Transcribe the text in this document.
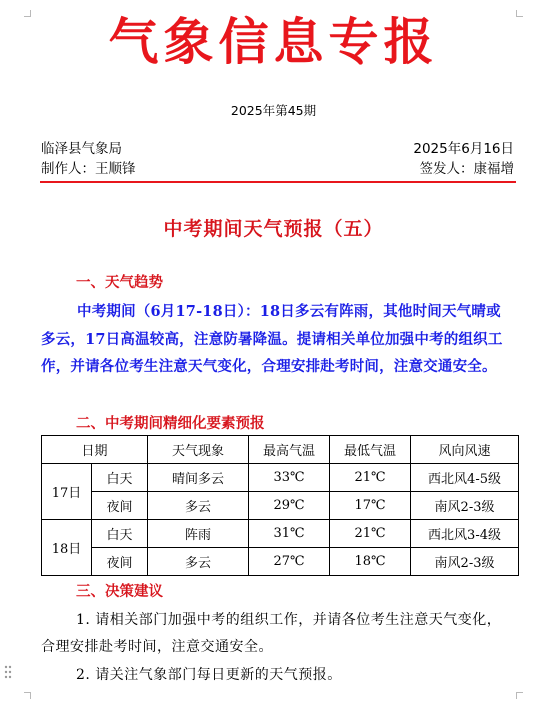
气象信息专报
2025年第45期
临泽县气象局	2025年6月16日
制作人：王顺锋	签发人：康福增
中考期间天气预报（五）
一、天气趋势
中考期间（6月17-18日）：18日多云有阵雨，其他时间天气晴或多云，17日高温较高，注意防暑降温。提请相关单位加强中考的组织工作，并请各位考生注意天气变化，合理安排赴考时间，注意交通安全。
二、中考期间精细化要素预报
日期		天气现象	最高气温	最低气温	风向风速
17日	白天	晴间多云	33℃	21℃	西北风4-5级
	夜间	多云	29℃	17℃	南风2-3级
18日	白天	阵雨	31℃	21℃	西北风3-4级
	夜间	多云	27℃	18℃	南风2-3级
三、决策建议
1. 请相关部门加强中考的组织工作，并请各位考生注意天气变化，合理安排赴考时间，注意交通安全。
2. 请关注气象部门每日更新的天气预报。
